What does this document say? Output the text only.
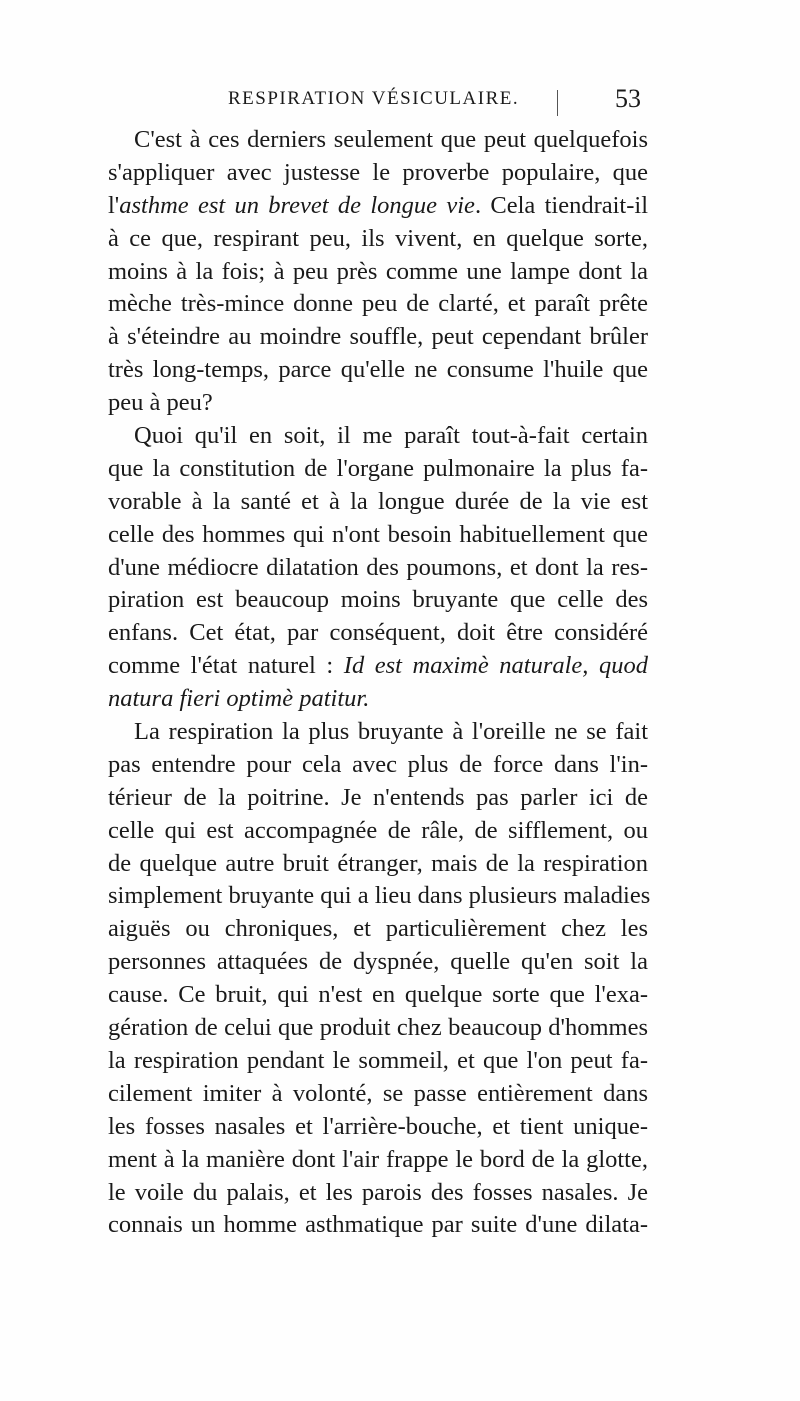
RESPIRATION VÉSICULAIRE.	53
C'est à ces derniers seulement que peut quelquefois
s'appliquer avec justesse le proverbe populaire, que
l'asthme est un brevet de longue vie. Cela tiendrait-il
à ce que, respirant peu, ils vivent, en quelque sorte,
moins à la fois; à peu près comme une lampe dont la
mèche très-mince donne peu de clarté, et paraît prête
à s'éteindre au moindre souffle, peut cependant brûler
très long-temps, parce qu'elle ne consume l'huile que
peu à peu?
Quoi qu'il en soit, il me paraît tout-à-fait certain
que la constitution de l'organe pulmonaire la plus fa-
vorable à la santé et à la longue durée de la vie est
celle des hommes qui n'ont besoin habituellement que
d'une médiocre dilatation des poumons, et dont la res-
piration est beaucoup moins bruyante que celle des
enfans. Cet état, par conséquent, doit être considéré
comme l'état naturel : Id est maximè naturale, quod
natura fieri optimè patitur.
La respiration la plus bruyante à l'oreille ne se fait
pas entendre pour cela avec plus de force dans l'in-
térieur de la poitrine. Je n'entends pas parler ici de
celle qui est accompagnée de râle, de sifflement, ou
de quelque autre bruit étranger, mais de la respiration
simplement bruyante qui a lieu dans plusieurs maladies
aiguës ou chroniques, et particulièrement chez les
personnes attaquées de dyspnée, quelle qu'en soit la
cause. Ce bruit, qui n'est en quelque sorte que l'exa-
gération de celui que produit chez beaucoup d'hommes
la respiration pendant le sommeil, et que l'on peut fa-
cilement imiter à volonté, se passe entièrement dans
les fosses nasales et l'arrière-bouche, et tient unique-
ment à la manière dont l'air frappe le bord de la glotte,
le voile du palais, et les parois des fosses nasales. Je
connais un homme asthmatique par suite d'une dilata-
